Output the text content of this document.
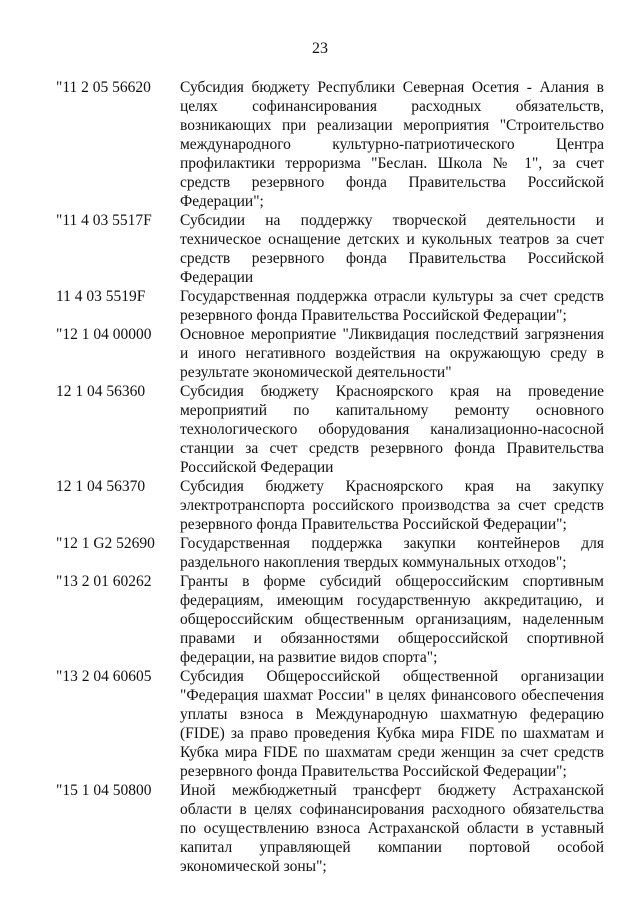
23
"11 2 05 56620	Субсидия бюджету Республики Северная Осетия - Алания в целях софинансирования расходных обязательств, возникающих при реализации мероприятия "Строительство международного культурно-патриотического Центра профилактики терроризма "Беслан. Школа № 1", за счет средств резервного фонда Правительства Российской Федерации";
"11 4 03 5517F	Субсидии на поддержку творческой деятельности и техническое оснащение детских и кукольных театров за счет средств резервного фонда Правительства Российской Федерации
11 4 03 5519F	Государственная поддержка отрасли культуры за счет средств резервного фонда Правительства Российской Федерации";
"12 1 04 00000	Основное мероприятие "Ликвидация последствий загрязнения и иного негативного воздействия на окружающую среду в результате экономической деятельности"
12 1 04 56360	Субсидия бюджету Красноярского края на проведение мероприятий по капитальному ремонту основного технологического оборудования канализационно-насосной станции за счет средств резервного фонда Правительства Российской Федерации
12 1 04 56370	Субсидия бюджету Красноярского края на закупку электротранспорта российского производства за счет средств резервного фонда Правительства Российской Федерации";
"12 1 G2 52690	Государственная поддержка закупки контейнеров для раздельного накопления твердых коммунальных отходов";
"13 2 01 60262	Гранты в форме субсидий общероссийским спортивным федерациям, имеющим государственную аккредитацию, и общероссийским общественным организациям, наделенным правами и обязанностями общероссийской спортивной федерации, на развитие видов спорта";
"13 2 04 60605	Субсидия Общероссийской общественной организации "Федерация шахмат России" в целях финансового обеспечения уплаты взноса в Международную шахматную федерацию (FIDE) за право проведения Кубка мира FIDE по шахматам и Кубка мира FIDE по шахматам среди женщин за счет средств резервного фонда Правительства Российской Федерации";
"15 1 04 50800	Иной межбюджетный трансферт бюджету Астраханской области в целях софинансирования расходного обязательства по осуществлению взноса Астраханской области в уставный капитал управляющей компании портовой особой экономической зоны";
